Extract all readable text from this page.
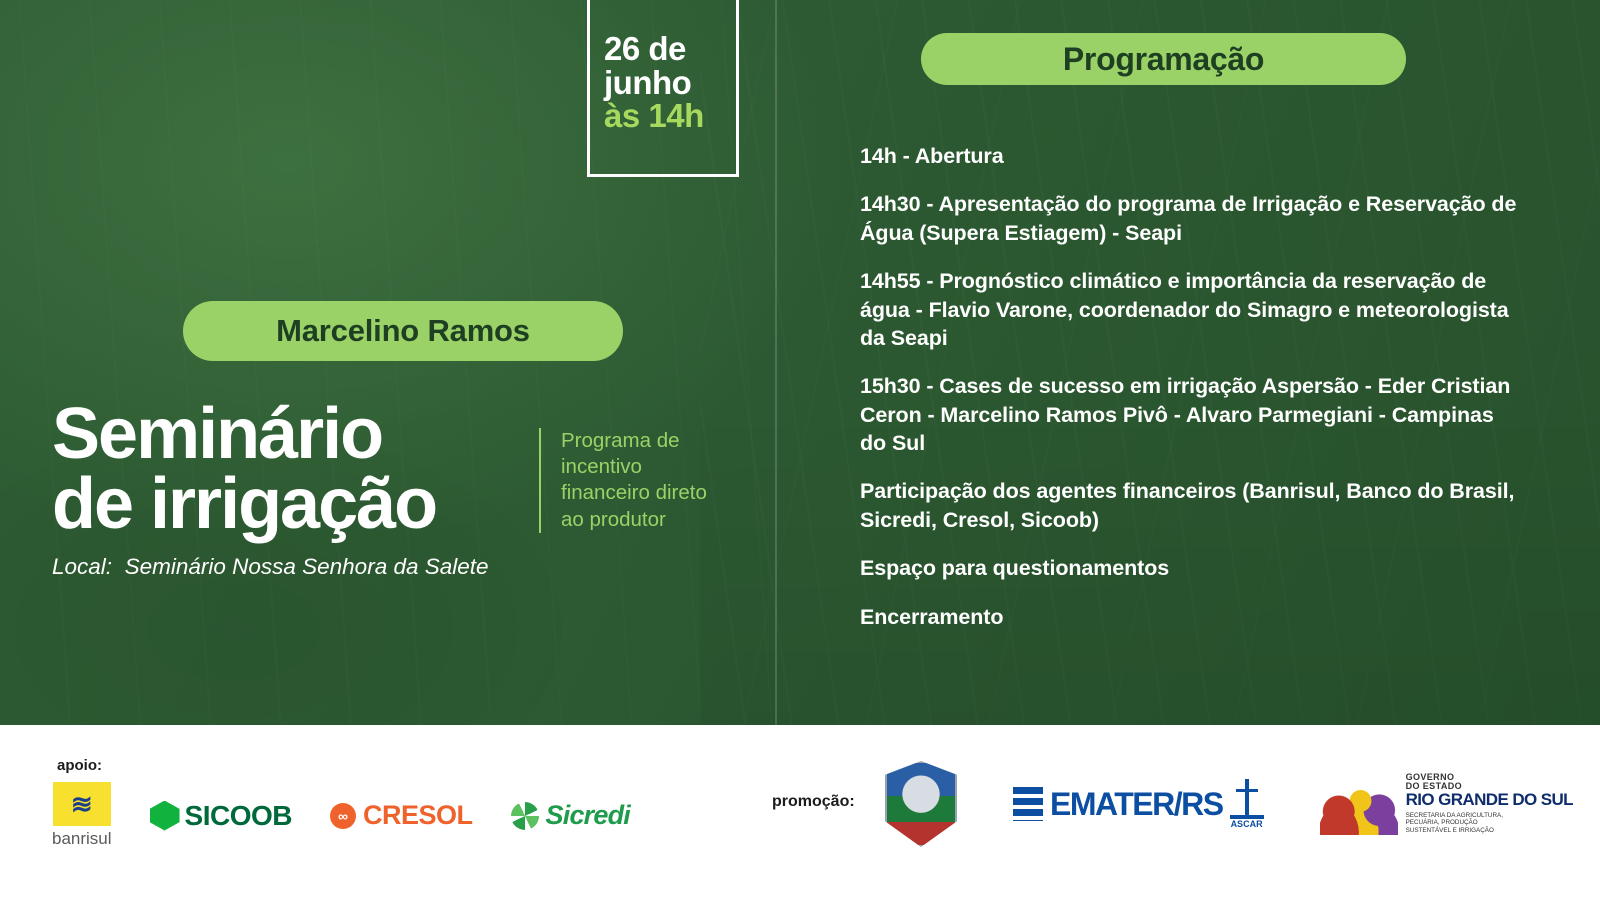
26 de
junho
às 14h
Marcelino Ramos
Seminário
de irrigação
Programa de
incentivo
financeiro direto
ao produtor
Local: Seminário Nossa Senhora da Salete
Programação
14h - Abertura
14h30 - Apresentação do programa de Irrigação e Reservação de Água (Supera Estiagem) - Seapi
14h55 - Prognóstico climático e importância da reservação de água - Flavio Varone, coordenador do Simagro e meteorologista da Seapi
15h30 - Cases de sucesso em irrigação Aspersão - Eder Cristian Ceron - Marcelino Ramos Pivô - Alvaro Parmegiani - Campinas do Sul
Participação dos agentes financeiros (Banrisul, Banco do Brasil, Sicredi, Cresol, Sicoob)
Espaço para questionamentos
Encerramento
apoio:
≋
banrisul
SICOOB	∞ CRESOL	Sicredi	promoção:	EMATER/RS
ASCAR
GOVERNO
DO ESTADO
RIO GRANDE DO SUL
SECRETARIA DA AGRICULTURA, PECUÁRIA, PRODUÇÃO SUSTENTÁVEL E IRRIGAÇÃO
